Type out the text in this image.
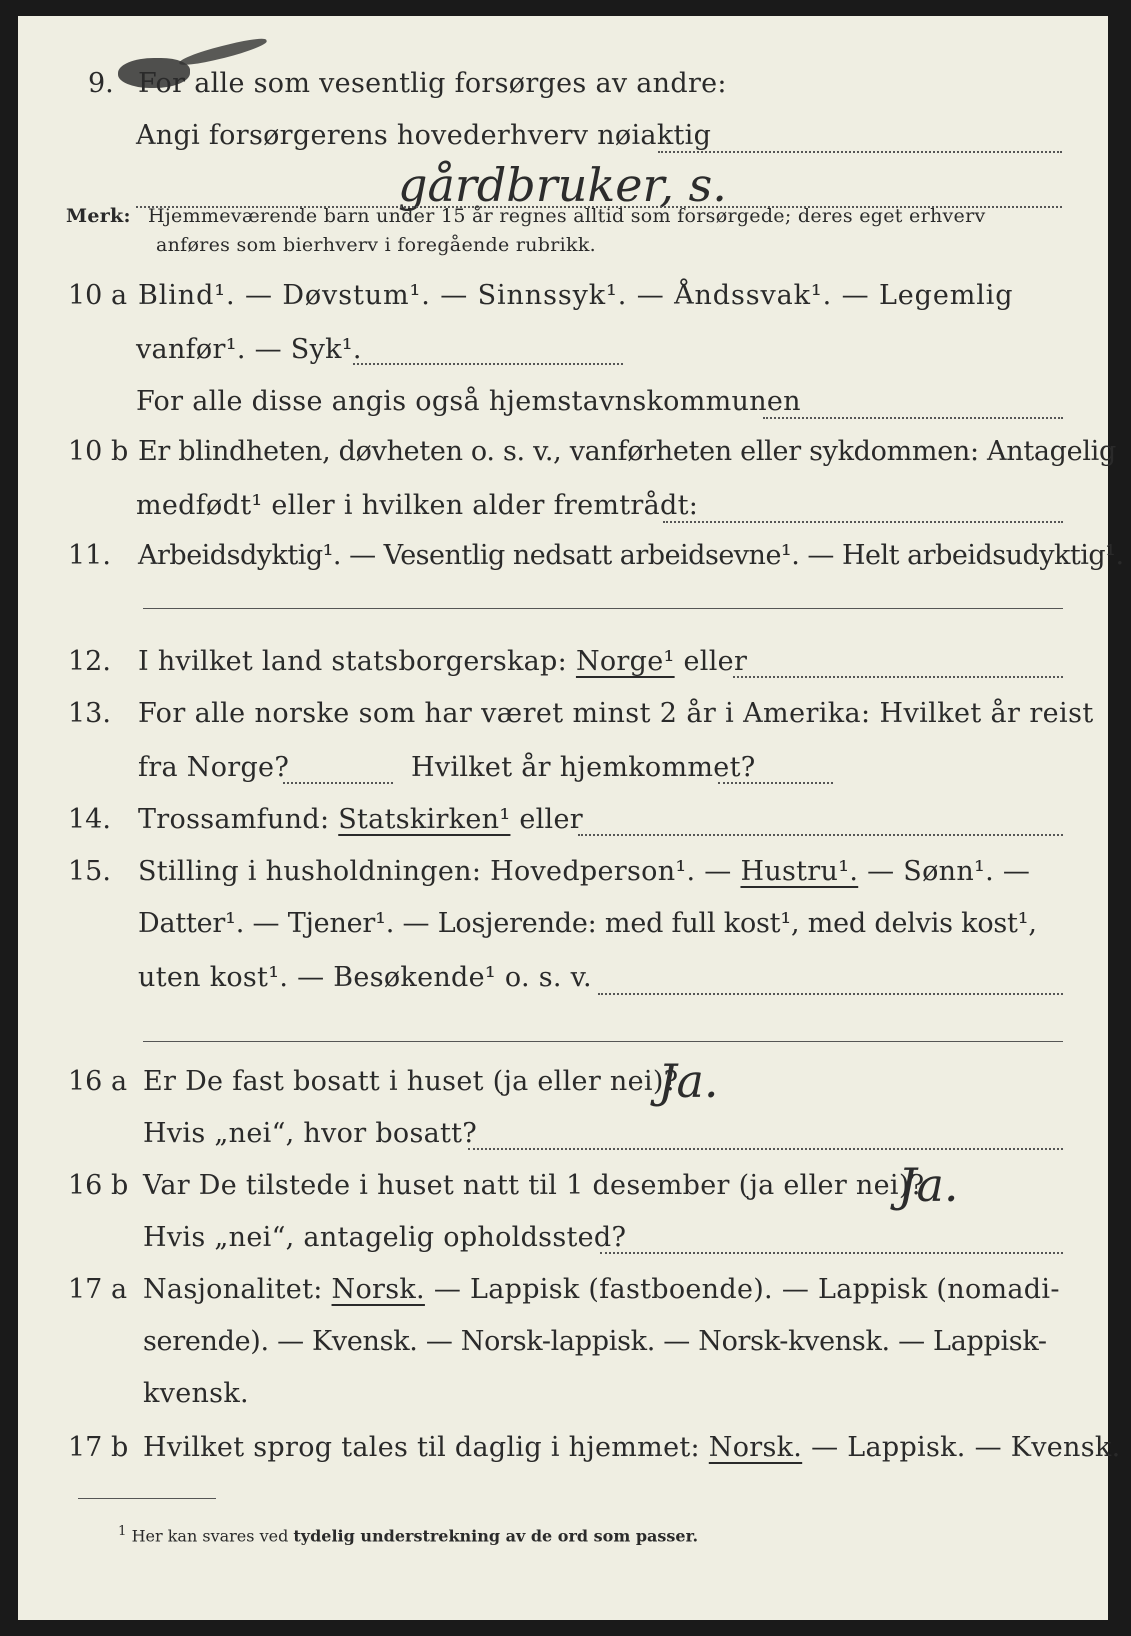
9. For alle som vesentlig forsørges av andre:
Angi forsørgerens hovederhverv nøiaktig
gårdbruker, s.
Merk: Hjemmeværende barn under 15 år regnes alltid som forsørgede; deres eget erhverv
anføres som bierhverv i foregående rubrikk.
10 a Blind¹. — Døvstum¹. — Sinnssyk¹. — Åndssvak¹. — Legemlig
vanfør¹. — Syk¹.
For alle disse angis også hjemstavnskommunen
10 b Er blindheten, døvheten o. s. v., vanførheten eller sykdommen: Antagelig
medfødt¹ eller i hvilken alder fremtrådt:
11. Arbeidsdyktig¹. — Vesentlig nedsatt arbeidsevne¹. — Helt arbeidsudyktig¹.
12. I hvilket land statsborgerskap: Norge¹ eller
13. For alle norske som har været minst 2 år i Amerika: Hvilket år reist
fra Norge?	Hvilket år hjemkommet?
14. Trossamfund: Statskirken¹ eller
15. Stilling i husholdningen: Hovedperson¹. — Hustru¹. — Sønn¹. —
Datter¹. — Tjener¹. — Losjerende: med full kost¹, med delvis kost¹,
uten kost¹. — Besøkende¹ o. s. v.
16 a Er De fast bosatt i huset (ja eller nei)?
Ja.
Hvis „nei“, hvor bosatt?
16 b Var De tilstede i huset natt til 1 desember (ja eller nei)?
Ja.
Hvis „nei“, antagelig opholdssted?
17 a Nasjonalitet: Norsk. — Lappisk (fastboende). — Lappisk (nomadi-
serende). — Kvensk. — Norsk-lappisk. — Norsk-kvensk. — Lappisk-
kvensk.
17 b Hvilket sprog tales til daglig i hjemmet: Norsk. — Lappisk. — Kvensk.
$^1$ Her kan svares ved tydelig understrekning av de ord som passer.
